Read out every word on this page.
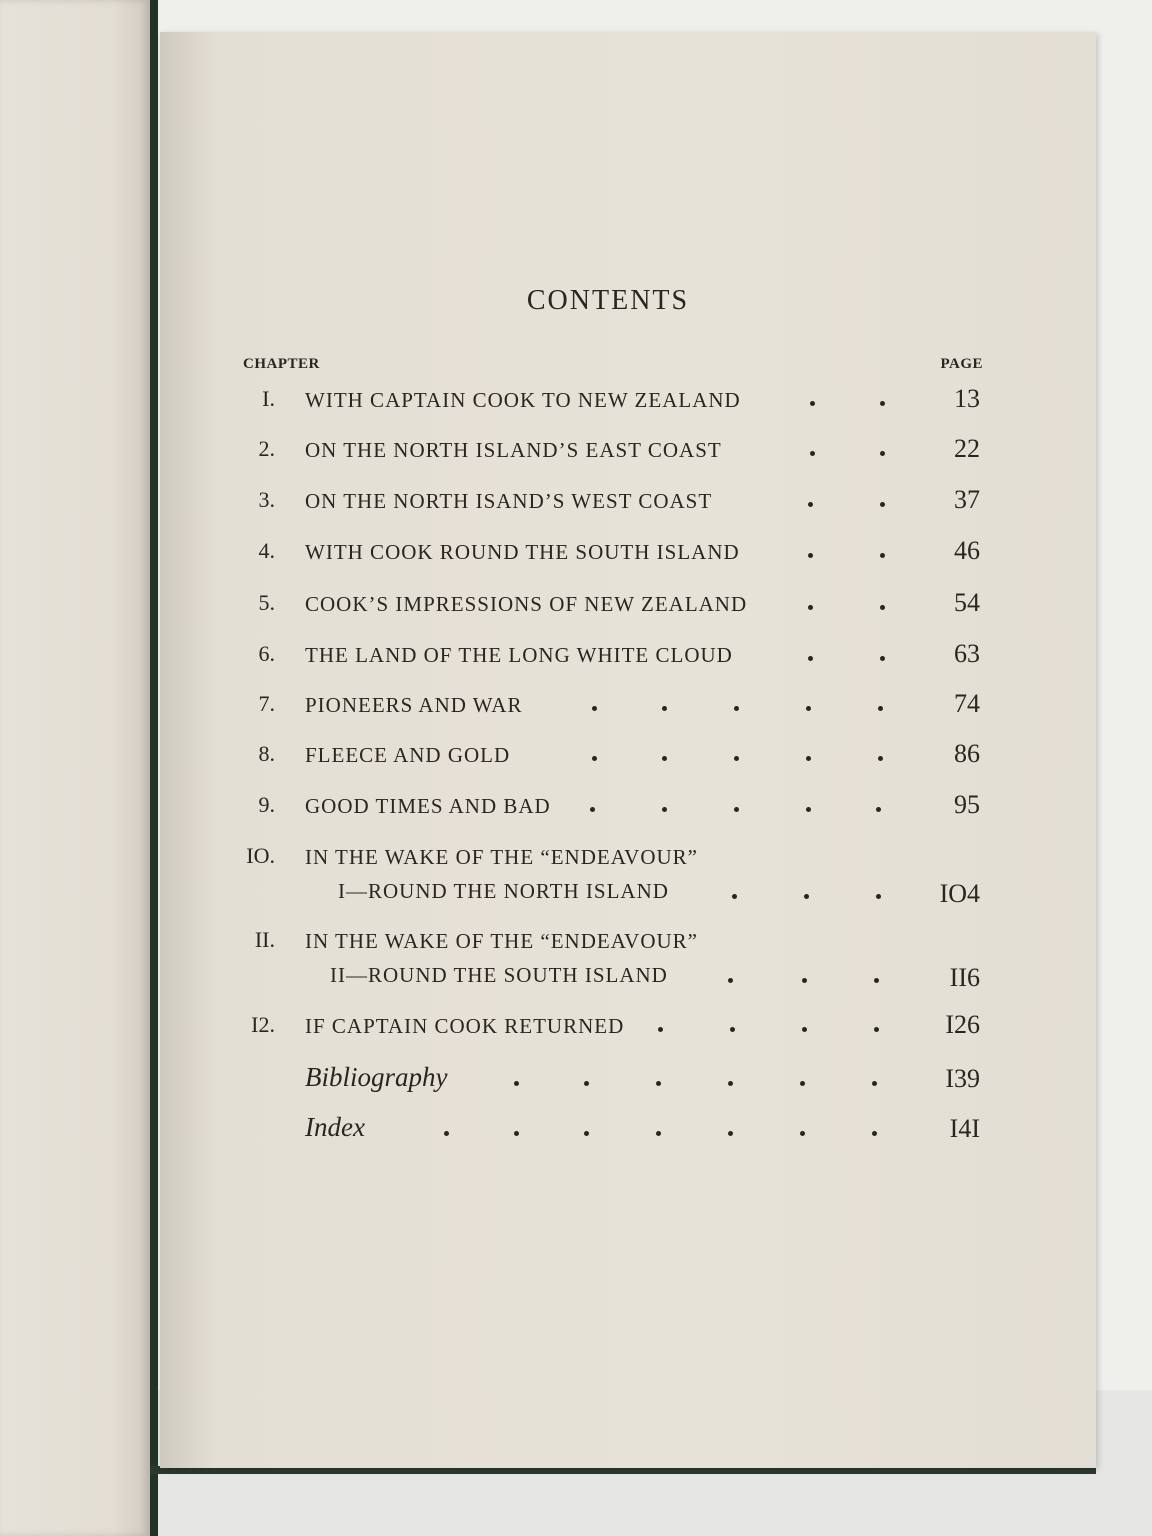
CONTENTS
CHAPTER	PAGE
I. WITH CAPTAIN COOK TO NEW ZEALAND	13
2. ON THE NORTH ISLAND’S EAST COAST	22
3. ON THE NORTH ISAND’S WEST COAST	37
4. WITH COOK ROUND THE SOUTH ISLAND	46
5. COOK’S IMPRESSIONS OF NEW ZEALAND	54
6. THE LAND OF THE LONG WHITE CLOUD	63
7. PIONEERS AND WAR	74
8. FLEECE AND GOLD	86
9. GOOD TIMES AND BAD	95
IO. IN THE WAKE OF THE “ENDEAVOUR”
I—ROUND THE NORTH ISLAND	IO4
II. IN THE WAKE OF THE “ENDEAVOUR”
II—ROUND THE SOUTH ISLAND	II6
I2. IF CAPTAIN COOK RETURNED	I26
Bibliography	I39
Index	I4I
